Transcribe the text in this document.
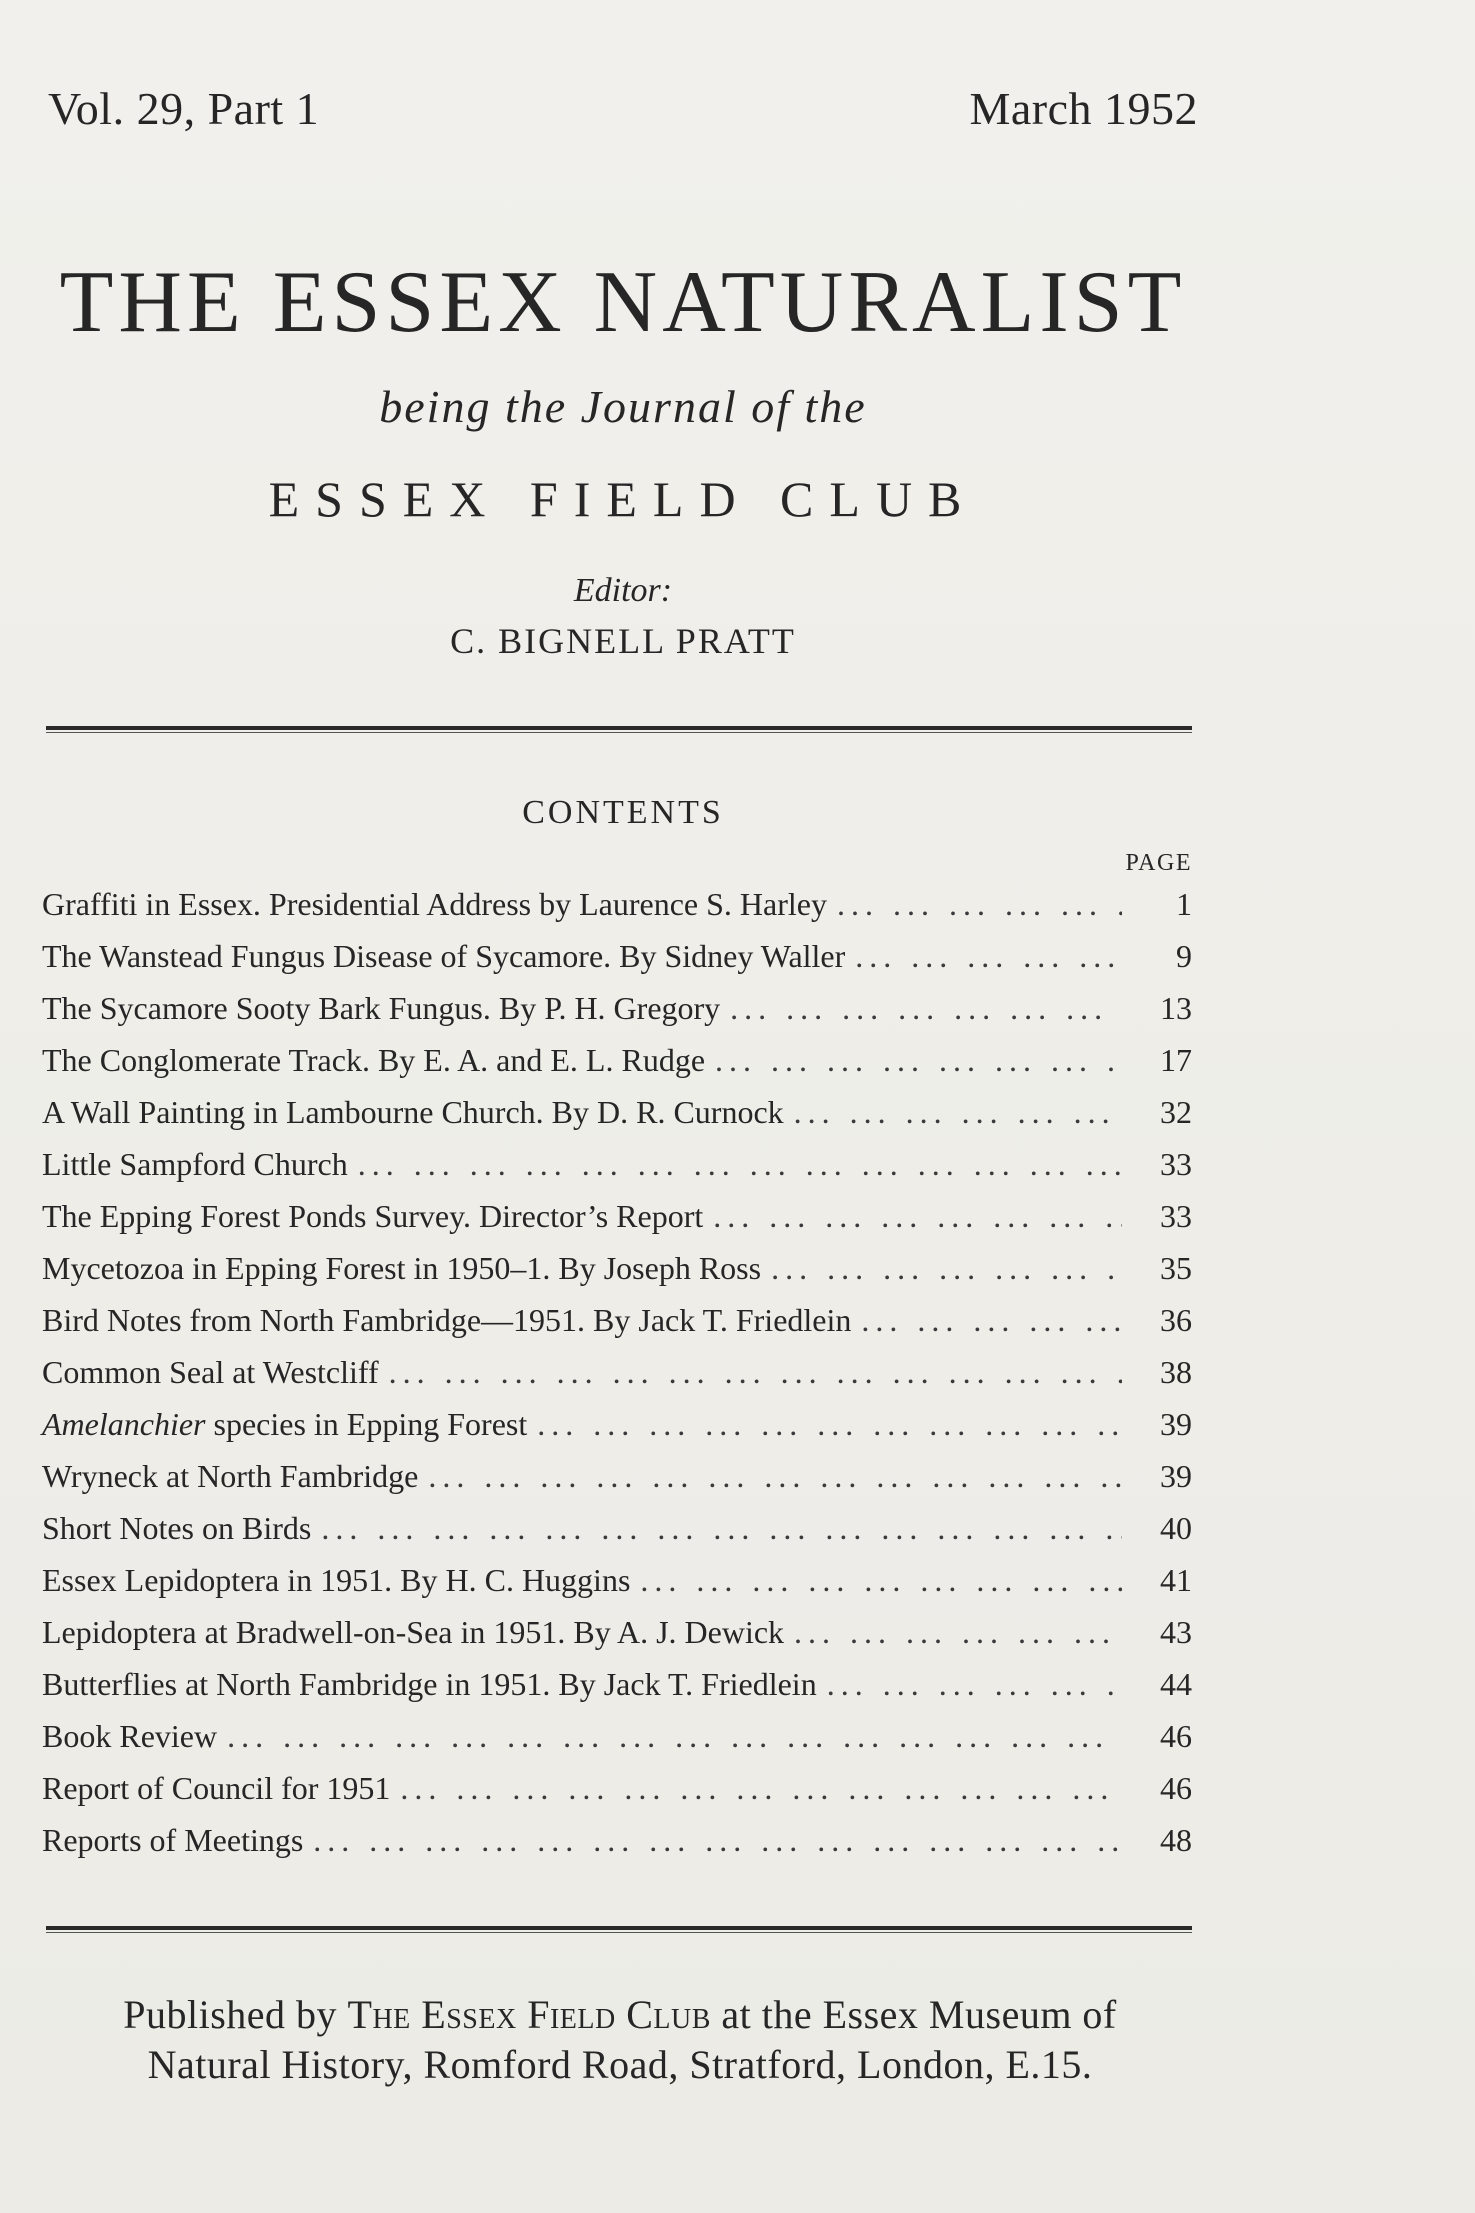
Vol. 29, Part 1	March 1952
THE ESSEX NATURALIST
being the Journal of the
ESSEX FIELD CLUB
Editor:
C. BIGNELL PRATT
CONTENTS
PAGE
Graffiti in Essex. Presidential Address by Laurence S. Harley ... .	1
The Wanstead Fungus Disease of Sycamore. By Sidney Waller ... .	9
The Sycamore Sooty Bark Fungus. By P. H. Gregory ... .	13
The Conglomerate Track. By E. A. and E. L. Rudge ... .	17
A Wall Painting in Lambourne Church. By D. R. Curnock ... .	32
Little Sampford Church ... .	33
The Epping Forest Ponds Survey. Director’s Report ... .	33
Mycetozoa in Epping Forest in 1950–1. By Joseph Ross ... .	35
Bird Notes from North Fambridge—1951. By Jack T. Friedlein ... .	36
Common Seal at Westcliff ... .	38
Amelanchier species in Epping Forest ... .	39
Wryneck at North Fambridge ... .	39
Short Notes on Birds ... .	40
Essex Lepidoptera in 1951. By H. C. Huggins ... .	41
Lepidoptera at Bradwell-on-Sea in 1951. By A. J. Dewick ... .	43
Butterflies at North Fambridge in 1951. By Jack T. Friedlein ... .	44
Book Review ... .	46
Report of Council for 1951 ... .	46
Reports of Meetings ... .	48
Published by The Essex Field Club at the Essex Museum of
Natural History, Romford Road, Stratford, London, E.15.
